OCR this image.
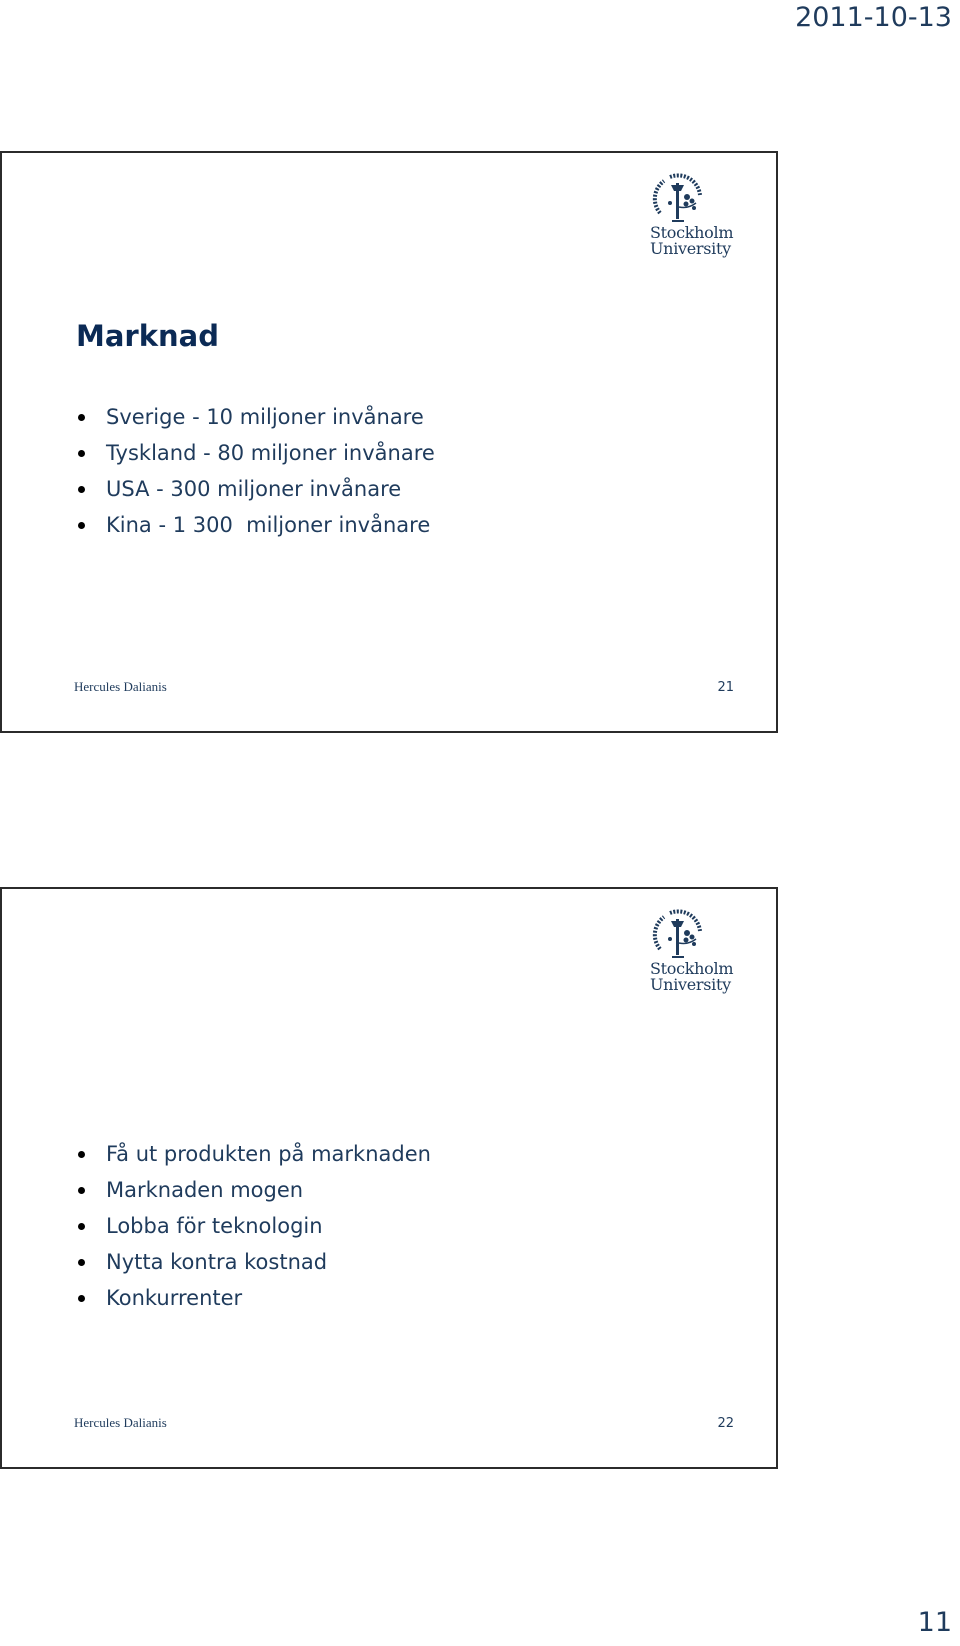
2011-10-13
Stockholm
University
Marknad
Sverige - 10 miljoner invånare
Tyskland - 80 miljoner invånare
USA - 300 miljoner invånare
Kina - 1 300  miljoner invånare
Hercules Dalianis	21
Stockholm
University
Få ut produkten på marknaden
Marknaden mogen
Lobba för teknologin
Nytta kontra kostnad
Konkurrenter
Hercules Dalianis	22
11
